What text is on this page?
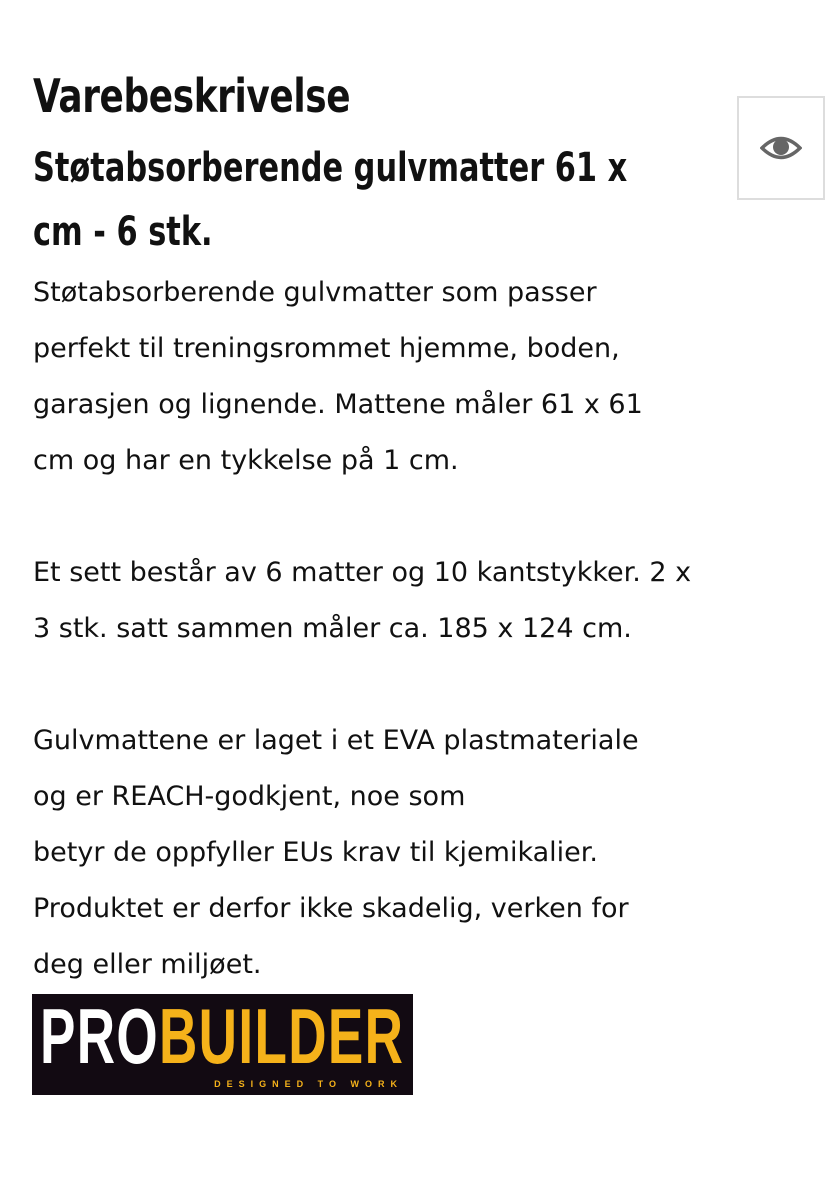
Varebeskrivelse
Støtabsorberende gulvmatter 61 x
cm - 6 stk.
Støtabsorberende gulvmatter som passer
perfekt til treningsrommet hjemme, boden,
garasjen og lignende. Mattene måler 61 x 61
cm og har en tykkelse på 1 cm.
Et sett består av 6 matter og 10 kantstykker. 2 x
3 stk. satt sammen måler ca. 185 x 124 cm.
Gulvmattene er laget i et EVA plastmateriale
og er REACH-godkjent, noe som
betyr de oppfyller EUs krav til kjemikalier.
Produktet er derfor ikke skadelig, verken for
deg eller miljøet.
PROBUILDER
DESIGNED TO WORK
